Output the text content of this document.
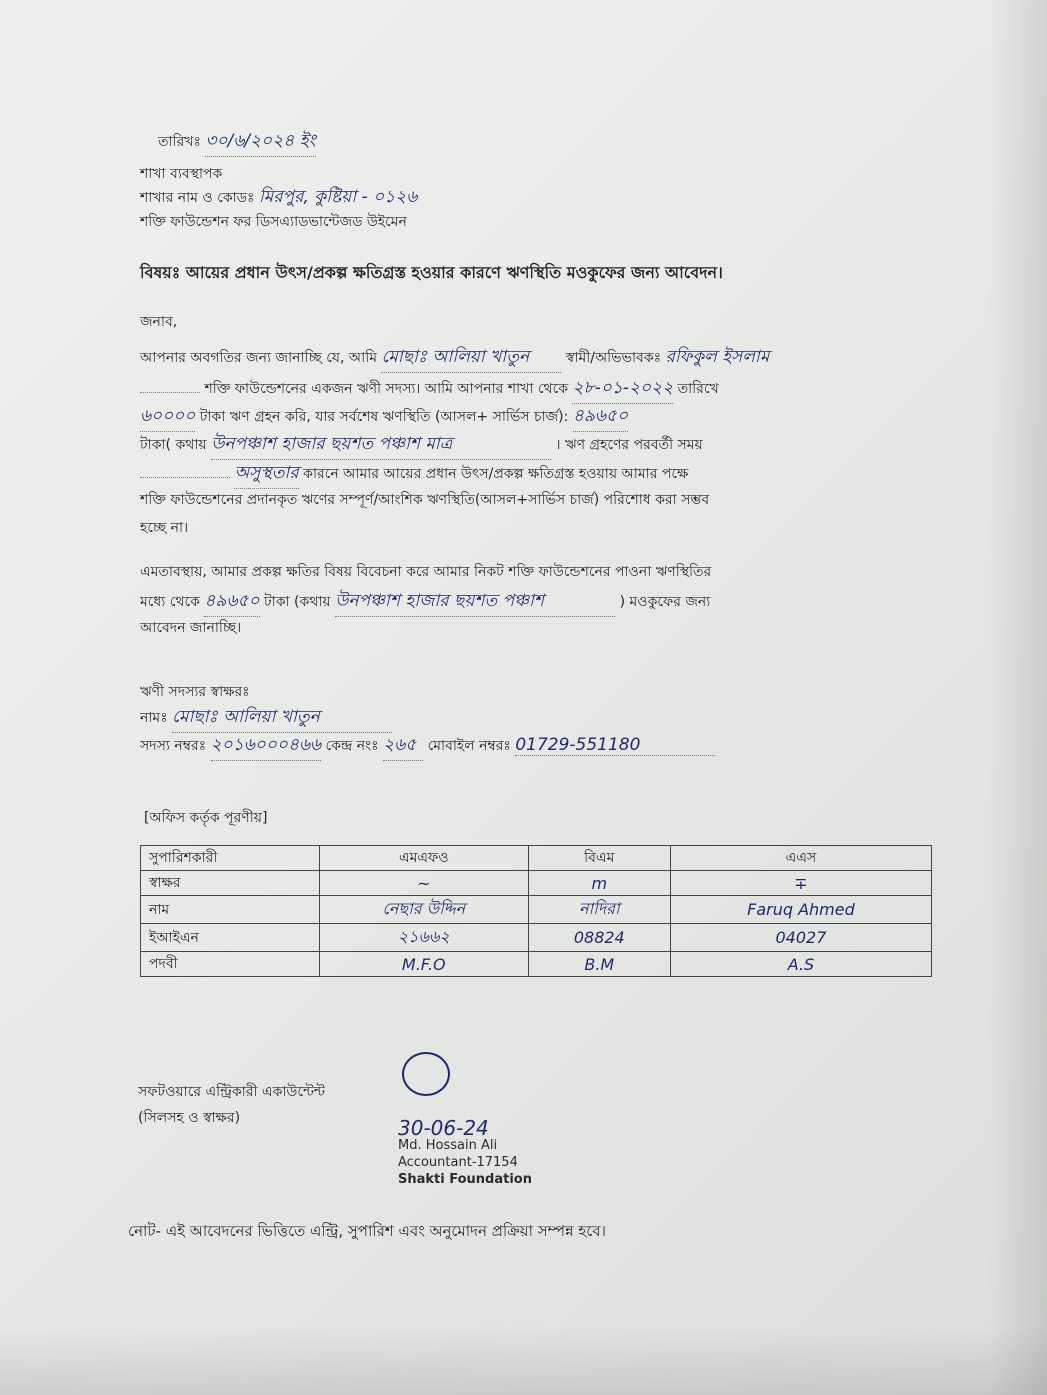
তারিখঃ ৩০/৬/২০২৪ ইং
শাখা ব্যবস্থাপক
শাখার নাম ও কোডঃ মিরপুর, কুষ্টিয়া - ০১২৬
শক্তি ফাউন্ডেশন ফর ডিসএ্যাডভান্টেজড উইমেন
বিষয়ঃ আয়ের প্রধান উৎস/প্রকল্প ক্ষতিগ্রস্ত হওয়ার কারণে ঋণস্থিতি মওকুফের জন্য আবেদন।
জনাব,
আপনার অবগতির জন্য জানাচ্ছি যে, আমি মোছাঃ আলিয়া খাতুন	স্বামী/অভিভাবকঃ রফিকুল ইসলাম
শক্তি ফাউন্ডেশনের একজন ঋণী সদস্য। আমি আপনার শাখা থেকে ২৮-০১-২০২২ তারিখে
৬০০০০ টাকা ঋণ গ্রহন করি, যার সর্বশেষ ঋণস্থিতি (আসল+ সার্ভিস চার্জ): ৪৯৬৫০
টাকা( কথায় উনপঞ্চাশ হাজার ছয়শত পঞ্চাশ মাত্র	। ঋণ গ্রহণের পরবর্তী সময়
অসুস্থতার কারনে আমার আয়ের প্রধান উৎস/প্রকল্প ক্ষতিগ্রস্ত হওয়ায় আমার পক্ষে
শক্তি ফাউন্ডেশনের প্রদানকৃত ঋণের সম্পূর্ণ/আংশিক ঋণস্থিতি(আসল+সার্ভিস চার্জ) পরিশোধ করা সম্ভব
হচ্ছে না।
এমতাবস্থায়, আমার প্রকল্প ক্ষতির বিষয় বিবেচনা করে আমার নিকট শক্তি ফাউন্ডেশনের পাওনা ঋণস্থিতির
মধ্যে থেকে ৪৯৬৫০ টাকা (কথায় উনপঞ্চাশ হাজার ছয়শত পঞ্চাশ	) মওকুফের জন্য
আবেদন জানাচ্ছি।
ঋণী সদস্যর স্বাক্ষরঃ
নামঃ মোছাঃ আলিয়া খাতুন
সদস্য নম্বরঃ ২০১৬০০০৪৬৬ কেন্দ্র নংঃ ২৬৫ মোবাইল নম্বরঃ 01729-551180
[অফিস কর্তৃক পূরণীয়]
সুপারিশকারী	এমএফও	বিএম	এএস
স্বাক্ষর	~	m	∓
নাম	নেছার উদ্দিন	নাদিরা	Faruq Ahmed
ইআইএন	২১৬৬২	08824	04027
পদবী	M.F.O	B.M	A.S
সফটওয়ারে এন্ট্রিকারী একাউন্টেন্ট
(সিলসহ ও স্বাক্ষর)	30-06-24
Md. Hossain Ali
Accountant-17154
Shakti Foundation
নোট- এই আবেদনের ভিত্তিতে এন্ট্রি, সুপারিশ এবং অনুমোদন প্রক্রিয়া সম্পন্ন হবে।
